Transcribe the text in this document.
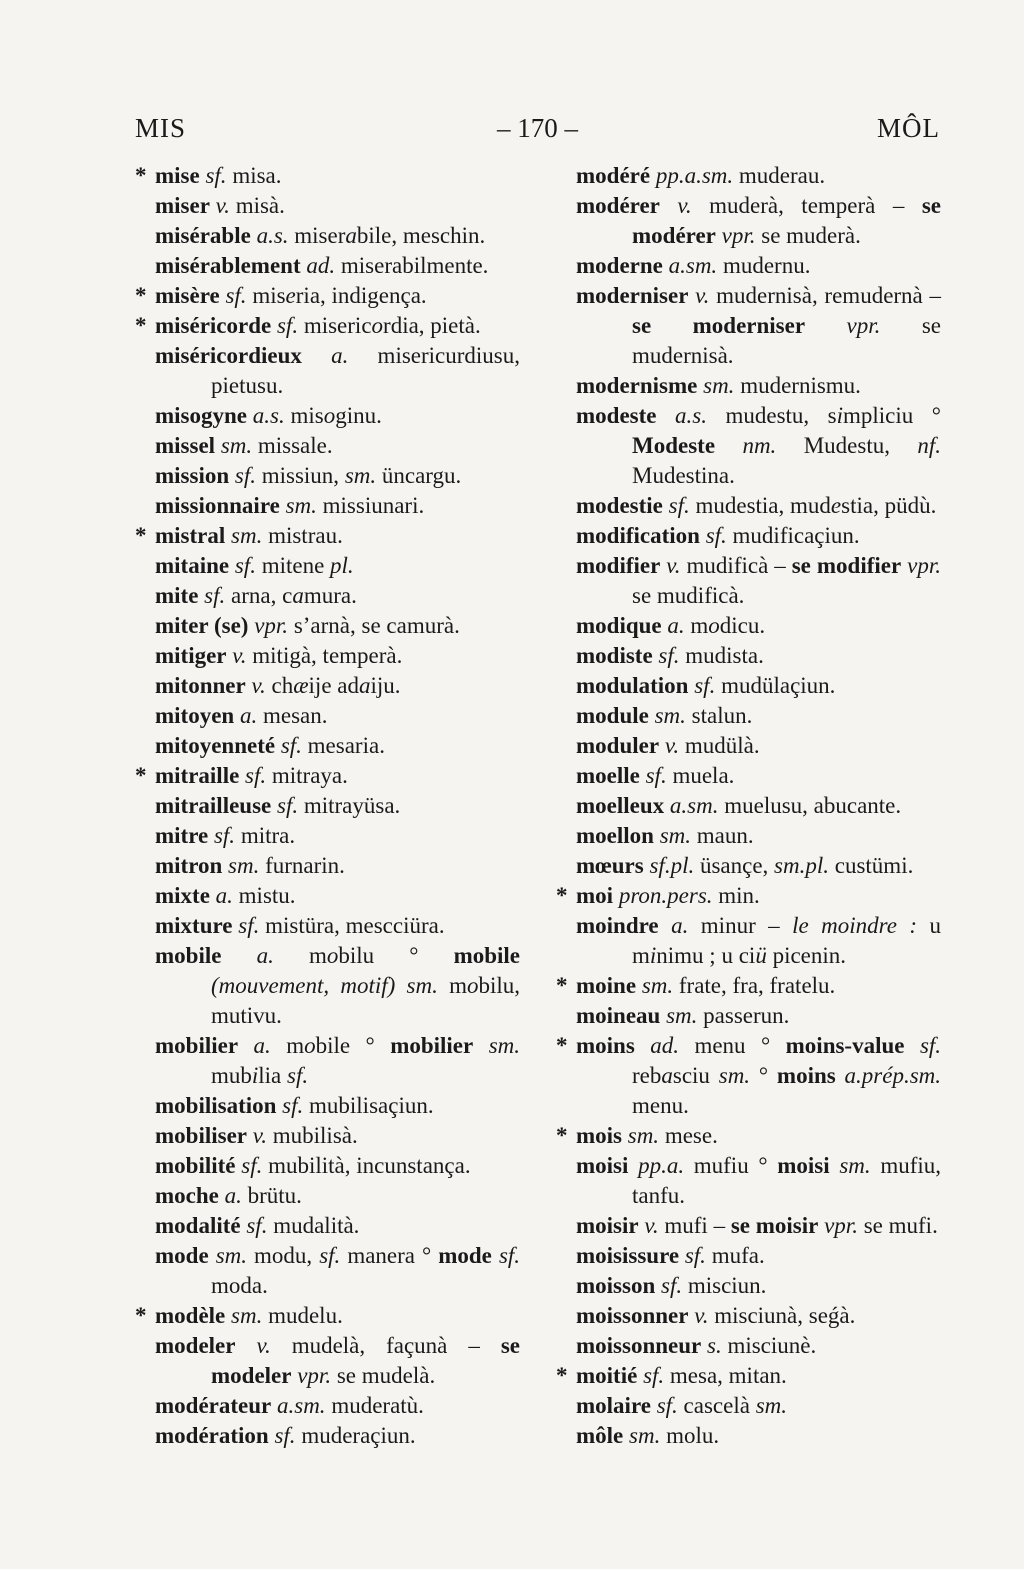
MIS	– 170 –	MÔL
* mise sf. misa.
miser v. misà.
misérable a.s. miserabile, meschin.
misérablement ad. miserabilmente.
* misère sf. miseria, indigença.
* miséricorde sf. misericordia, pietà.
miséricordieux a. misericurdiusu, pietusu.
misogyne a.s. misoginu.
missel sm. missale.
mission sf. missiun, sm. üncargu.
missionnaire sm. missiunari.
* mistral sm. mistrau.
mitaine sf. mitene pl.
mite sf. arna, camura.
miter (se) vpr. s’arnà, se camurà.
mitiger v. mitigà, temperà.
mitonner v. chæije adaiju.
mitoyen a. mesan.
mitoyenneté sf. mesaria.
* mitraille sf. mitraya.
mitrailleuse sf. mitrayüsa.
mitre sf. mitra.
mitron sm. furnarin.
mixte a. mistu.
mixture sf. mistüra, mescciüra.
mobile a. mobilu ° mobile (mouvement, motif) sm. mobilu, mutivu.
mobilier a. mobile ° mobilier sm. mubilia sf.
mobilisation sf. mubilisaçiun.
mobiliser v. mubilisà.
mobilité sf. mubilità, incunstança.
moche a. brütu.
modalité sf. mudalità.
mode sm. modu, sf. manera ° mode sf. moda.
* modèle sm. mudelu.
modeler v. mudelà, façunà – se modeler vpr. se mudelà.
modérateur a.sm. muderatù.
modération sf. muderaçiun.
modéré pp.a.sm. muderau.
modérer v. muderà, temperà – se modérer vpr. se muderà.
moderne a.sm. mudernu.
moderniser v. mudernisà, remudernà – se moderniser vpr. se mudernisà.
modernisme sm. mudernismu.
modeste a.s. mudestu, simpliciu ° Modeste nm. Mudestu, nf. Mudestina.
modestie sf. mudestia, mudestia, püdù.
modification sf. mudificaçiun.
modifier v. mudificà – se modifier vpr. se mudificà.
modique a. modicu.
modiste sf. mudista.
modulation sf. mudülaçiun.
module sm. stalun.
moduler v. mudülà.
moelle sf. muela.
moelleux a.sm. muelusu, abucante.
moellon sm. maun.
mœurs sf.pl. üsançe, sm.pl. custümi.
* moi pron.pers. min.
moindre a. minur – le moindre : u minimu ; u ciü picenin.
* moine sm. frate, fra, fratelu.
moineau sm. passerun.
* moins ad. menu ° moins-value sf. rebasciu sm. ° moins a.prép.sm. menu.
* mois sm. mese.
moisi pp.a. mufiu ° moisi sm. mufiu, tanfu.
moisir v. mufi – se moisir vpr. se mufi.
moisissure sf. mufa.
moisson sf. misciun.
moissonner v. misciunà, seǵà.
moissonneur s. misciunè.
* moitié sf. mesa, mitan.
molaire sf. cascelà sm.
môle sm. molu.
